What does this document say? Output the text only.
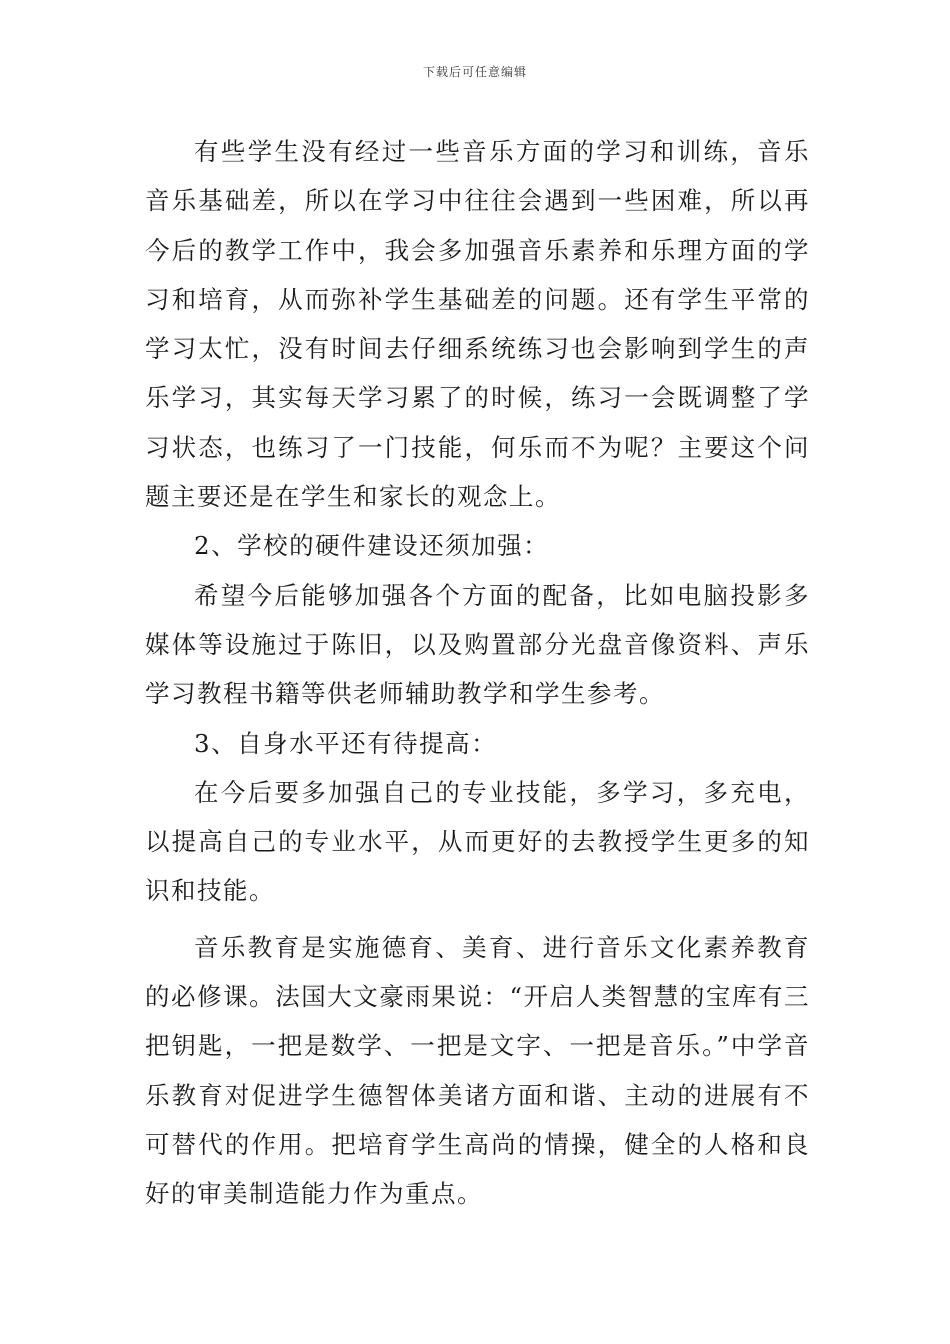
下载后可任意编辑

有些学生没有经过一些音乐方面的学习和训练，音乐音乐基础差，所以在学习中往往会遇到一些困难，所以再今后的教学工作中，我会多加强音乐素养和乐理方面的学习和培育，从而弥补学生基础差的问题。还有学生平常的学习太忙，没有时间去仔细系统练习也会影响到学生的声乐学习，其实每天学习累了的时候，练习一会既调整了学习状态，也练习了一门技能，何乐而不为呢？主要这个问题主要还是在学生和家长的观念上。

2、学校的硬件建设还须加强：

希望今后能够加强各个方面的配备，比如电脑投影多媒体等设施过于陈旧，以及购置部分光盘音像资料、声乐学习教程书籍等供老师辅助教学和学生参考。

3、自身水平还有待提高：

在今后要多加强自己的专业技能，多学习，多充电，以提高自己的专业水平，从而更好的去教授学生更多的知识和技能。

音乐教育是实施德育、美育、进行音乐文化素养教育的必修课。法国大文豪雨果说：“开启人类智慧的宝库有三把钥匙，一把是数学、一把是文字、一把是音乐。”中学音乐教育对促进学生德智体美诸方面和谐、主动的进展有不可替代的作用。把培育学生高尚的情操，健全的人格和良好的审美制造能力作为重点。
